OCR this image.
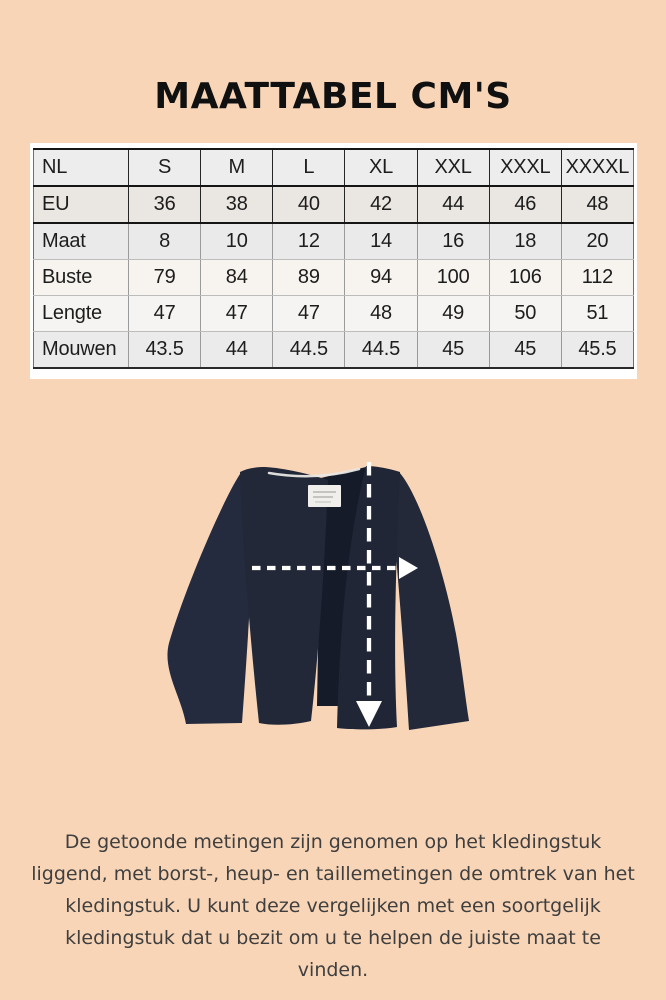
MAATTABEL CM'S
NL	S	M	L	XL	XXL	XXXL	XXXXL
EU	36	38	40	42	44	46	48
Maat	8	10	12	14	16	18	20
Buste	79	84	89	94	100	106	112
Lengte	47	47	47	48	49	50	51
Mouwen	43.5	44	44.5	44.5	45	45	45.5

De getoonde metingen zijn genomen op het kledingstuk liggend, met borst-, heup- en taillemetingen de omtrek van het kledingstuk. U kunt deze vergelijken met een soortgelijk kledingstuk dat u bezit om u te helpen de juiste maat te vinden.
